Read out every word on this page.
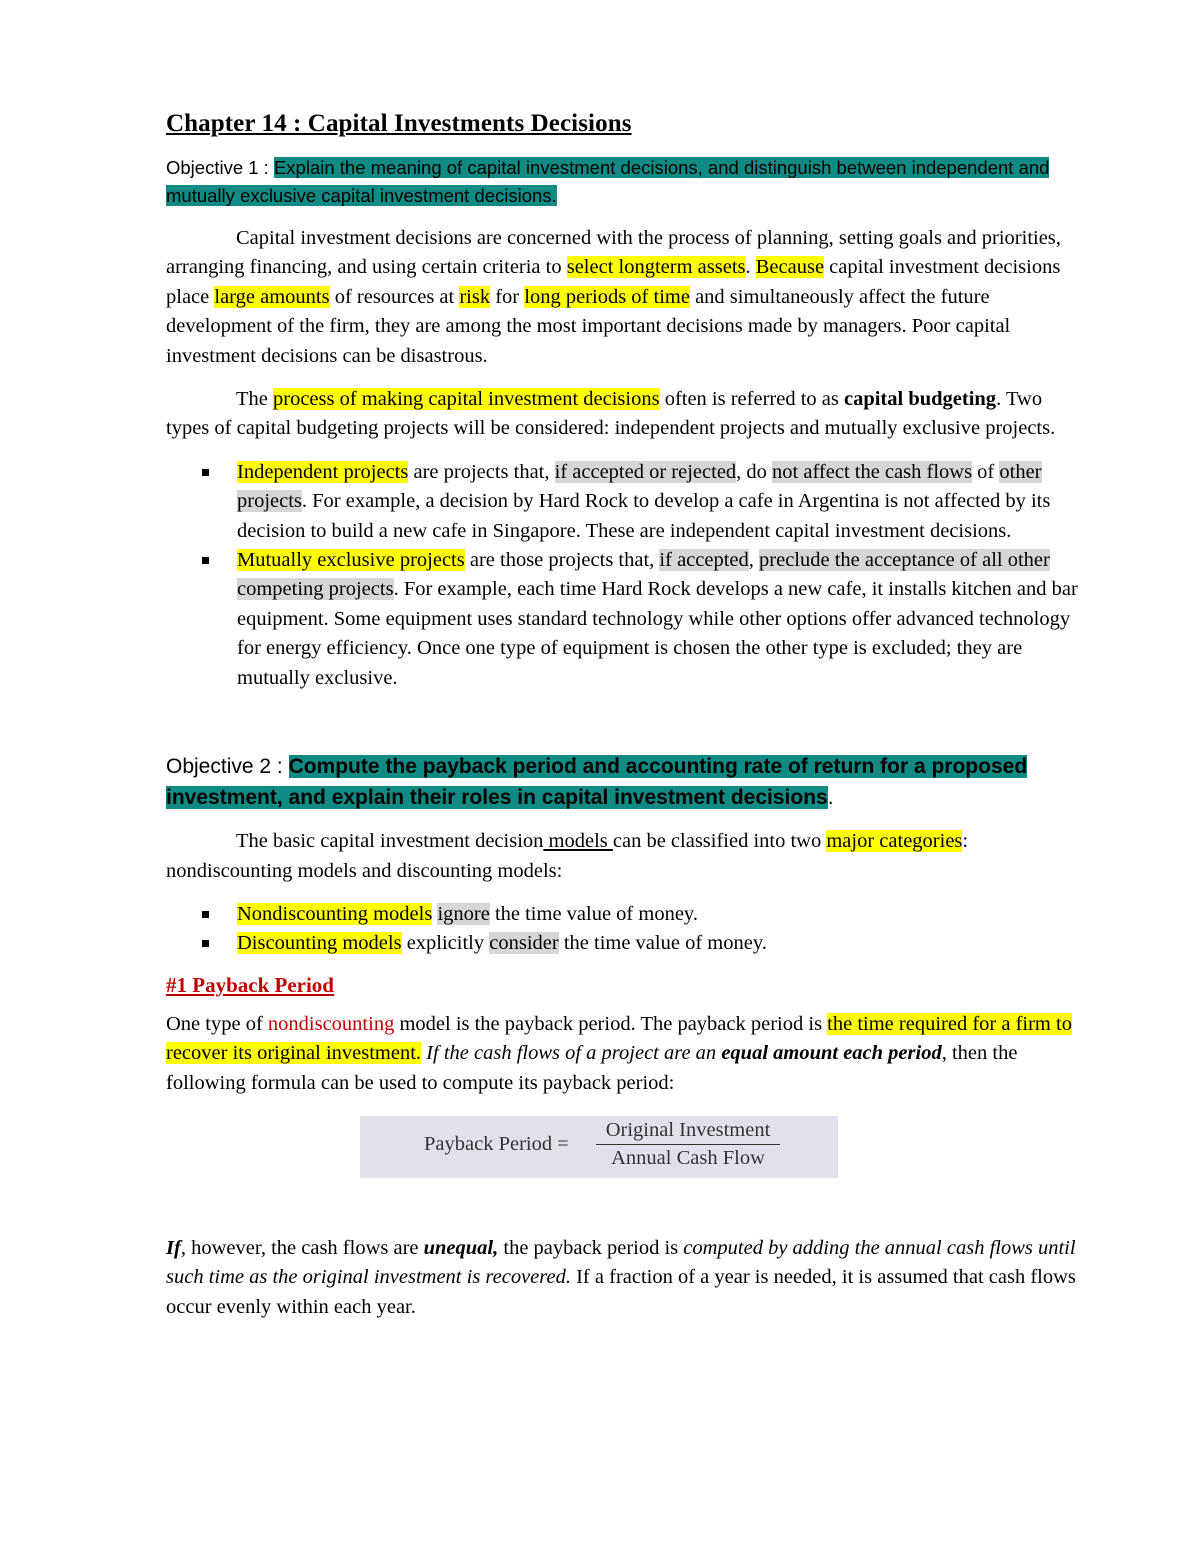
Chapter 14 : Capital Investments Decisions

Objective 1 : Explain the meaning of capital investment decisions, and distinguish between independent and mutually exclusive capital investment decisions.

Capital investment decisions are concerned with the process of planning, setting goals and priorities, arranging financing, and using certain criteria to select longterm assets. Because capital investment decisions place large amounts of resources at risk for long periods of time and simultaneously affect the future development of the firm, they are among the most important decisions made by managers. Poor capital investment decisions can be disastrous.

The process of making capital investment decisions often is referred to as capital budgeting. Two types of capital budgeting projects will be considered: independent projects and mutually exclusive projects.

Independent projects are projects that, if accepted or rejected, do not affect the cash flows of other projects. For example, a decision by Hard Rock to develop a cafe in Argentina is not affected by its decision to build a new cafe in Singapore. These are independent capital investment decisions.
Mutually exclusive projects are those projects that, if accepted, preclude the acceptance of all other competing projects. For example, each time Hard Rock develops a new cafe, it installs kitchen and bar equipment. Some equipment uses standard technology while other options offer advanced technology for energy efficiency. Once one type of equipment is chosen the other type is excluded; they are mutually exclusive.

Objective 2 : Compute the payback period and accounting rate of return for a proposed investment, and explain their roles in capital investment decisions.

The basic capital investment decision models can be classified into two major categories: nondiscounting models and discounting models:

Nondiscounting models ignore the time value of money.
Discounting models explicitly consider the time value of money.
#1 Payback Period

One type of nondiscounting model is the payback period. The payback period is the time required for a firm to recover its original investment. If the cash flows of a project are an equal amount each period, then the following formula can be used to compute its payback period:

Payback Period =
Original Investment
Annual Cash Flow

If, however, the cash flows are unequal, the payback period is computed by adding the annual cash flows until such time as the original investment is recovered. If a fraction of a year is needed, it is assumed that cash flows occur evenly within each year.
